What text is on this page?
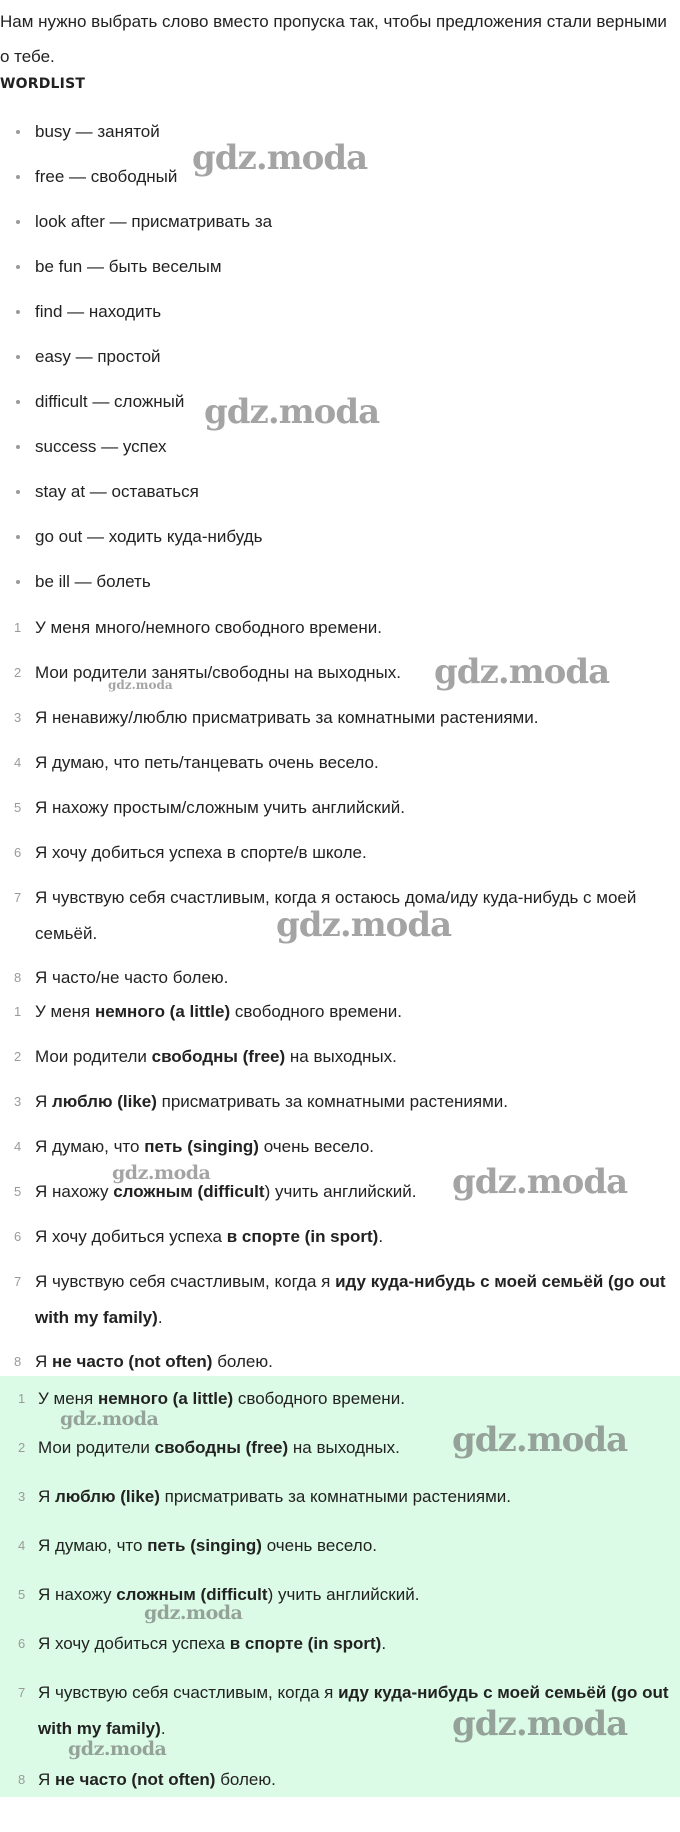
Нам нужно выбрать слово вместо пропуска так, чтобы предложения стали верными о тебе.
WORDLIST
busy — занятой
free — свободный
look after — присматривать за
be fun — быть веселым
find — находить
easy — простой
difficult — сложный
success — успех
stay at — оставаться
go out — ходить куда-нибудь
be ill — болеть
1 У меня много/немного свободного времени.
2 Мои родители заняты/свободны на выходных.
3 Я ненавижу/люблю присматривать за комнатными растениями.
4 Я думаю, что петь/танцевать очень весело.
5 Я нахожу простым/сложным учить английский.
6 Я хочу добиться успеха в спорте/в школе.
7 Я чувствую себя счастливым, когда я остаюсь дома/иду куда-нибудь с моей семьёй.
8 Я часто/не часто болею.
1 У меня немного (a little) свободного времени.
2 Мои родители свободны (free) на выходных.
3 Я люблю (like) присматривать за комнатными растениями.
4 Я думаю, что петь (singing) очень весело.
5 Я нахожу сложным (difficult) учить английский.
6 Я хочу добиться успеха в спорте (in sport).
7 Я чувствую себя счастливым, когда я иду куда-нибудь с моей семьёй (go out with my family).
8 Я не часто (not often) болею.
1 У меня немного (a little) свободного времени.
2 Мои родители свободны (free) на выходных.
3 Я люблю (like) присматривать за комнатными растениями.
4 Я думаю, что петь (singing) очень весело.
5 Я нахожу сложным (difficult) учить английский.
6 Я хочу добиться успеха в спорте (in sport).
7 Я чувствую себя счастливым, когда я иду куда-нибудь с моей семьёй (go out with my family).
8 Я не часто (not often) болею.
gdz.moda
gdz.moda
gdz.moda
gdz.moda
gdz.moda
gdz.moda	gdz.moda
gdz.moda
gdz.moda
gdz.moda
gdz.moda
gdz.moda
